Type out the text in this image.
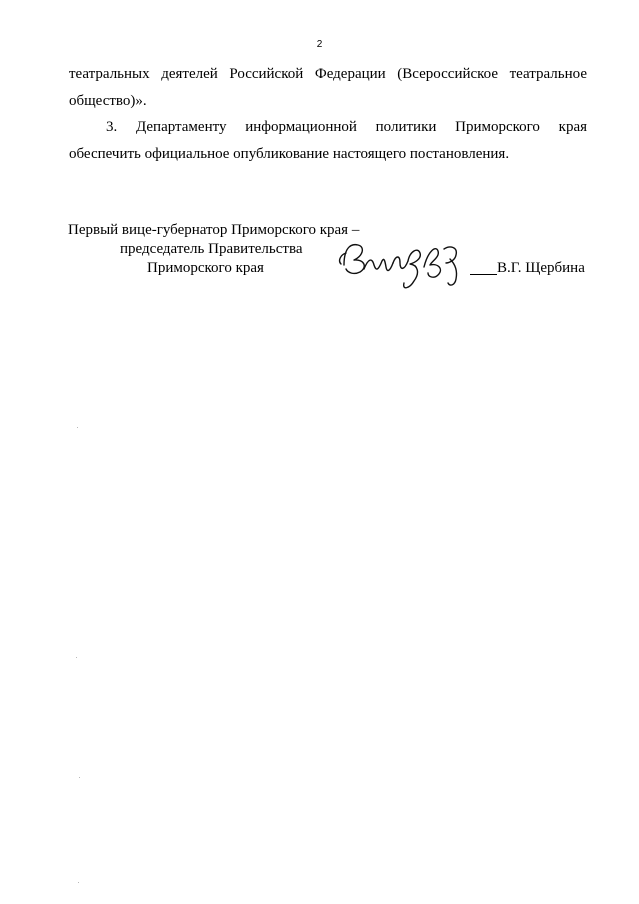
2

театральных деятелей Российской Федерации (Всероссийское театральное общество)».

3. Департаменту информационной политики Приморского края обеспечить официальное опубликование настоящего постановления.

Первый вице-губернатор Приморского края –
председатель Правительства
Приморского края	В.Г. Щербина
